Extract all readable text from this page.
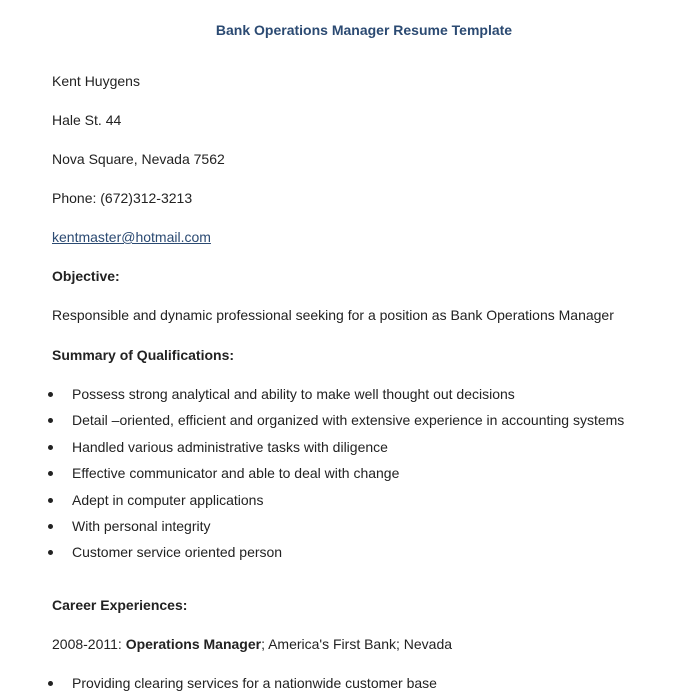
Bank Operations Manager Resume Template
Kent Huygens
Hale St. 44
Nova Square, Nevada 7562
Phone: (672)312-3213
kentmaster@hotmail.com
Objective:
Responsible and dynamic professional seeking for a position as Bank Operations Manager
Summary of Qualifications:
Possess strong analytical and ability to make well thought out decisions
Detail –oriented, efficient and organized with extensive experience in accounting systems
Handled various administrative tasks with diligence
Effective communicator and able to deal with change
Adept in computer applications
With personal integrity
Customer service oriented person
Career Experiences:
2008-2011: Operations Manager; America's First Bank; Nevada
Providing clearing services for a nationwide customer base
